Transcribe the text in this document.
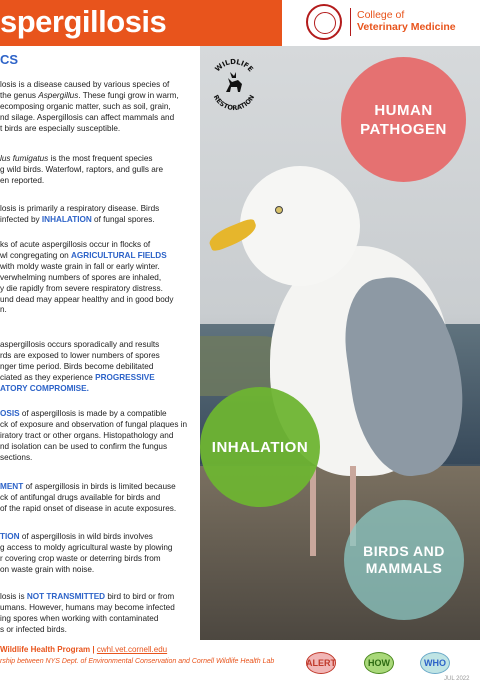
spergillosis	College of
Veterinary Medicine
CS
losis is a disease caused by various species of
the genus Aspergillus. These fungi grow in warm,
ecomposing organic matter, such as soil, grain,
nd silage. Aspergillosis can affect mammals and
t birds are especially susceptible.
lus fumigatus is the most frequent species
g wild birds. Waterfowl, raptors, and gulls are
en reported.
losis is primarily a respiratory disease. Birds
infected by INHALATION of fungal spores.
ks of acute aspergillosis occur in flocks of
wl congregating on AGRICULTURAL FIELDS
with moldy waste grain in fall or early winter.
verwhelming numbers of spores are inhaled,
y die rapidly from severe respiratory distress.
und dead may appear healthy and in good body
n.
aspergillosis occurs sporadically and results
rds are exposed to lower numbers of spores
nger time period. Birds become debilitated
ciated as they experience PROGRESSIVE
ATORY COMPROMISE.
OSIS of aspergillosis is made by a compatible
ck of exposure and observation of fungal plaques in
iratory tract or other organs. Histopathology and
nd isolation can be used to confirm the fungus
sections.
MENT of aspergillosis in birds is limited because
ck of antifungal drugs available for birds and
of the rapid onset of disease in acute exposures.
TION of aspergillosis in wild birds involves
g access to moldy agricultural waste by plowing
r covering crop waste or deterring birds from
on waste grain with noise.
losis is NOT TRANSMITTED bird to bird or from
umans. However, humans may become infected
ing spores when working with contaminated
s or infected birds.
WILDLIFE
RESTORATION
HUMAN
PATHOGEN
INHALATION
BIRDS AND
MAMMALS
Wildlife Health Program | cwhl.vet.cornell.edu
rship between NYS Dept. of Environmental Conservation and Cornell Wildlife Health Lab	ALERT	HOW	WHO
JUL 2022
